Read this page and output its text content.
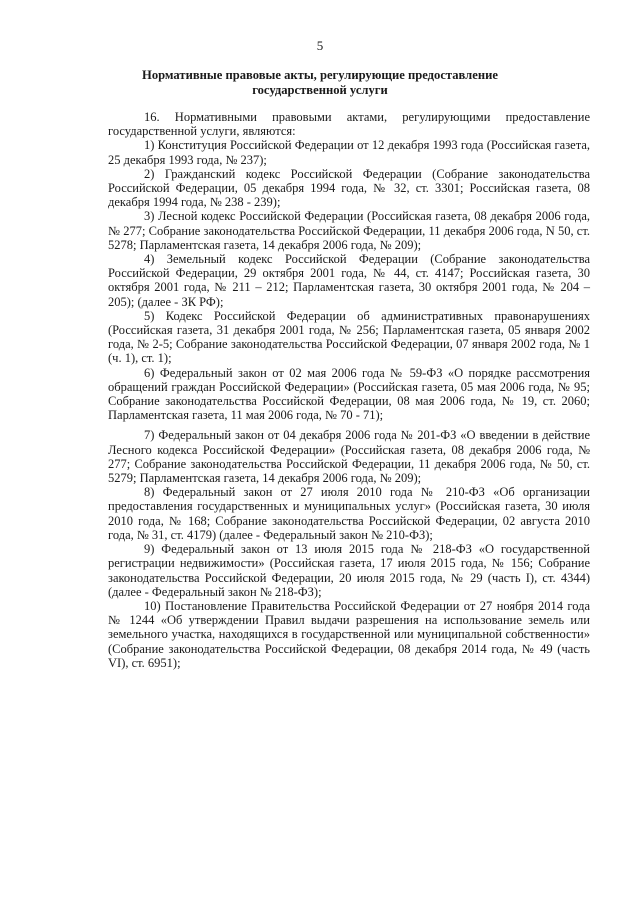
5
Нормативные правовые акты, регулирующие предоставление
государственной услуги

16. Нормативными правовыми актами, регулирующими предоставление государственной услуги, являются:

1) Конституция Российской Федерации от 12 декабря 1993 года (Российская газета, 25 декабря 1993 года, № 237);

2) Гражданский кодекс Российской Федерации (Собрание законодательства Российской Федерации, 05 декабря 1994 года, № 32, ст. 3301; Российская газета, 08 декабря 1994 года, № 238 - 239);

3) Лесной кодекс Российской Федерации (Российская газета, 08 декабря 2006 года, № 277; Собрание законодательства Российской Федерации, 11 декабря 2006 года, N 50, ст. 5278; Парламентская газета, 14 декабря 2006 года, № 209);

4) Земельный кодекс Российской Федерации (Собрание законодательства Российской Федерации, 29 октября 2001 года, № 44, ст. 4147; Российская газета, 30 октября 2001 года, № 211 – 212; Парламентская газета, 30 октября 2001 года, № 204 – 205); (далее - ЗК РФ);

5) Кодекс Российской Федерации об административных правонарушениях (Российская газета, 31 декабря 2001 года, № 256; Парламентская газета, 05 января 2002 года, № 2-5; Собрание законодательства Российской Федерации, 07 января 2002 года, № 1 (ч. 1), ст. 1);

6) Федеральный закон от 02 мая 2006 года № 59-ФЗ «О порядке рассмотрения обращений граждан Российской Федерации» (Российская газета, 05 мая 2006 года, № 95; Собрание законодательства Российской Федерации, 08 мая 2006 года, № 19, ст. 2060; Парламентская газета, 11 мая 2006 года, № 70 - 71);

7) Федеральный закон от 04 декабря 2006 года № 201-ФЗ «О введении в действие Лесного кодекса Российской Федерации» (Российская газета, 08 декабря 2006 года, № 277; Собрание законодательства Российской Федерации, 11 декабря 2006 года, № 50, ст. 5279; Парламентская газета, 14 декабря 2006 года, № 209);

8) Федеральный закон от 27 июля 2010 года № 210-ФЗ «Об организации предоставления государственных и муниципальных услуг» (Российская газета, 30 июля 2010 года, № 168; Собрание законодательства Российской Федерации, 02 августа 2010 года, № 31, ст. 4179) (далее - Федеральный закон № 210-ФЗ);

9) Федеральный закон от 13 июля 2015 года № 218-ФЗ «О государственной регистрации недвижимости» (Российская газета, 17 июля 2015 года, № 156; Собрание законодательства Российской Федерации, 20 июля 2015 года, № 29 (часть I), ст. 4344) (далее - Федеральный закон № 218-ФЗ);

10) Постановление Правительства Российской Федерации от 27 ноября 2014 года № 1244 «Об утверждении Правил выдачи разрешения на использование земель или земельного участка, находящихся в государственной или муниципальной собственности» (Собрание законодательства Российской Федерации, 08 декабря 2014 года, № 49 (часть VI), ст. 6951);
